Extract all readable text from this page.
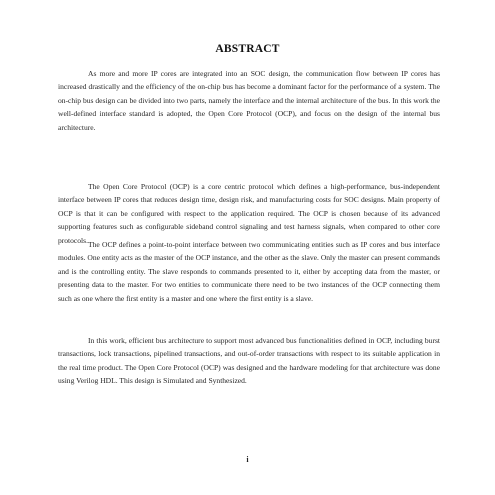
ABSTRACT

As more and more IP cores are integrated into an SOC design, the communication flow between IP cores has increased drastically and the efficiency of the on-chip bus has become a dominant factor for the performance of a system. The on-chip bus design can be divided into two parts, namely the interface and the internal architecture of the bus. In this work the well-defined interface standard is adopted, the Open Core Protocol (OCP), and focus on the design of the internal bus architecture.

The Open Core Protocol (OCP) is a core centric protocol which defines a high-performance, bus-independent interface between IP cores that reduces design time, design risk, and manufacturing costs for SOC designs. Main property of OCP is that it can be configured with respect to the application required. The OCP is chosen because of its advanced supporting features such as configurable sideband control signaling and test harness signals, when compared to other core protocols. The OCP defines a point-to-point interface between two communicating entities such as IP cores and bus interface modules. One entity acts as the master of the OCP instance, and the other as the slave. Only the master can present commands and is the controlling entity. The slave responds to commands presented to it, either by accepting data from the master, or presenting data to the master. For two entities to communicate there need to be two instances of the OCP connecting them such as one where the first entity is a master and one where the first entity is a slave.

In this work, efficient bus architecture to support most advanced bus functionalities defined in OCP, including burst transactions, lock transactions, pipelined transactions, and out-of-order transactions with respect to its suitable application in the real time product. The Open Core Protocol (OCP) was designed and the hardware modeling for that architecture was done using Verilog HDL. This design is Simulated and Synthesized.

i
